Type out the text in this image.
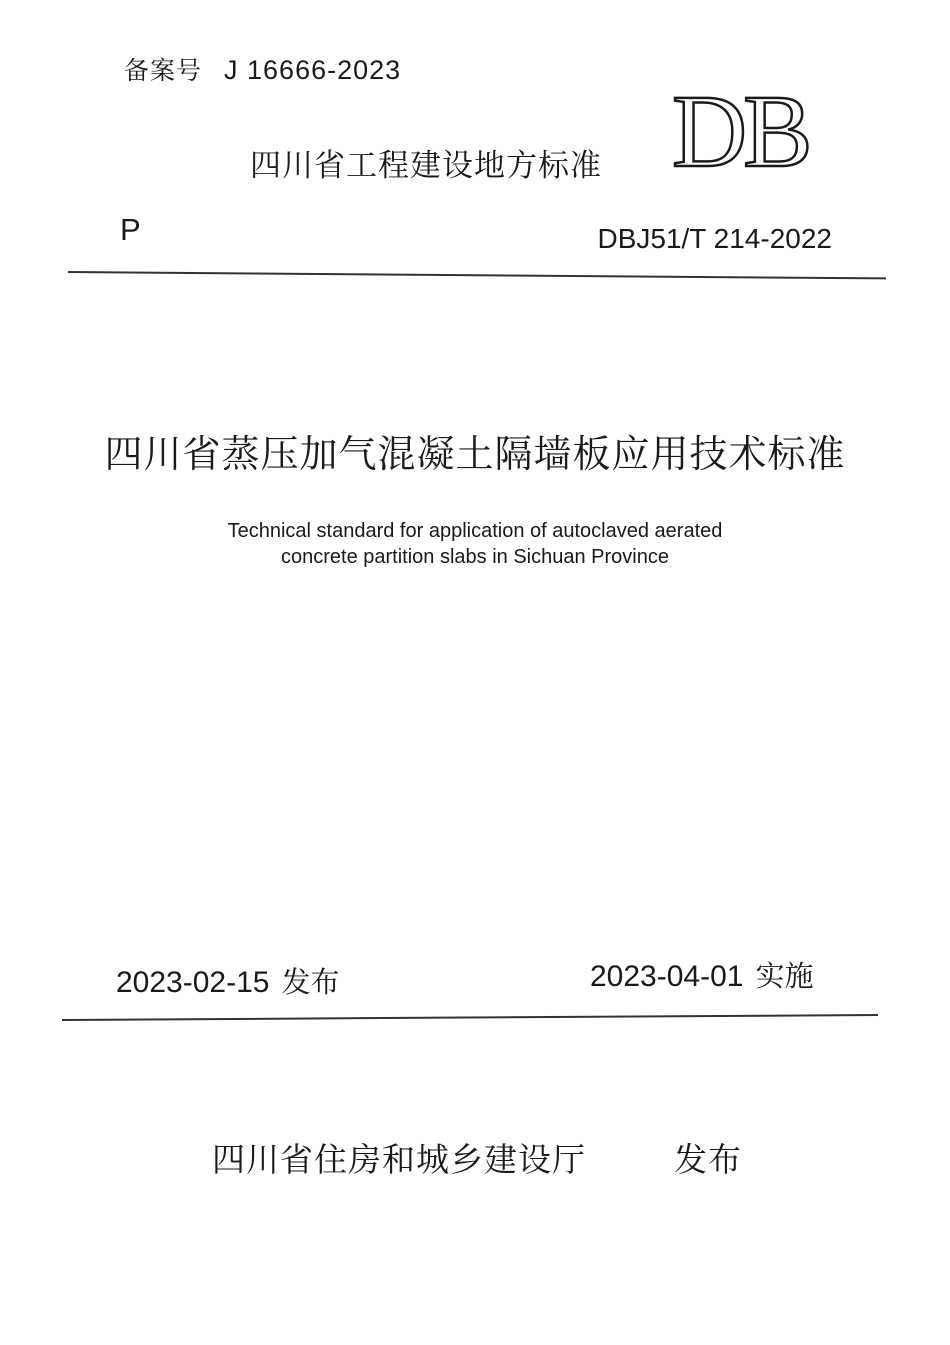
备案号 J 16666-2023
DB
四川省工程建设地方标准
P	DBJ51/T 214-2022
四川省蒸压加气混凝土隔墙板应用技术标准
Technical standard for application of autoclaved aerated
concrete partition slabs in Sichuan Province
2023-02-15 发布	2023-04-01 实施
四川省住房和城乡建设厅	发布
